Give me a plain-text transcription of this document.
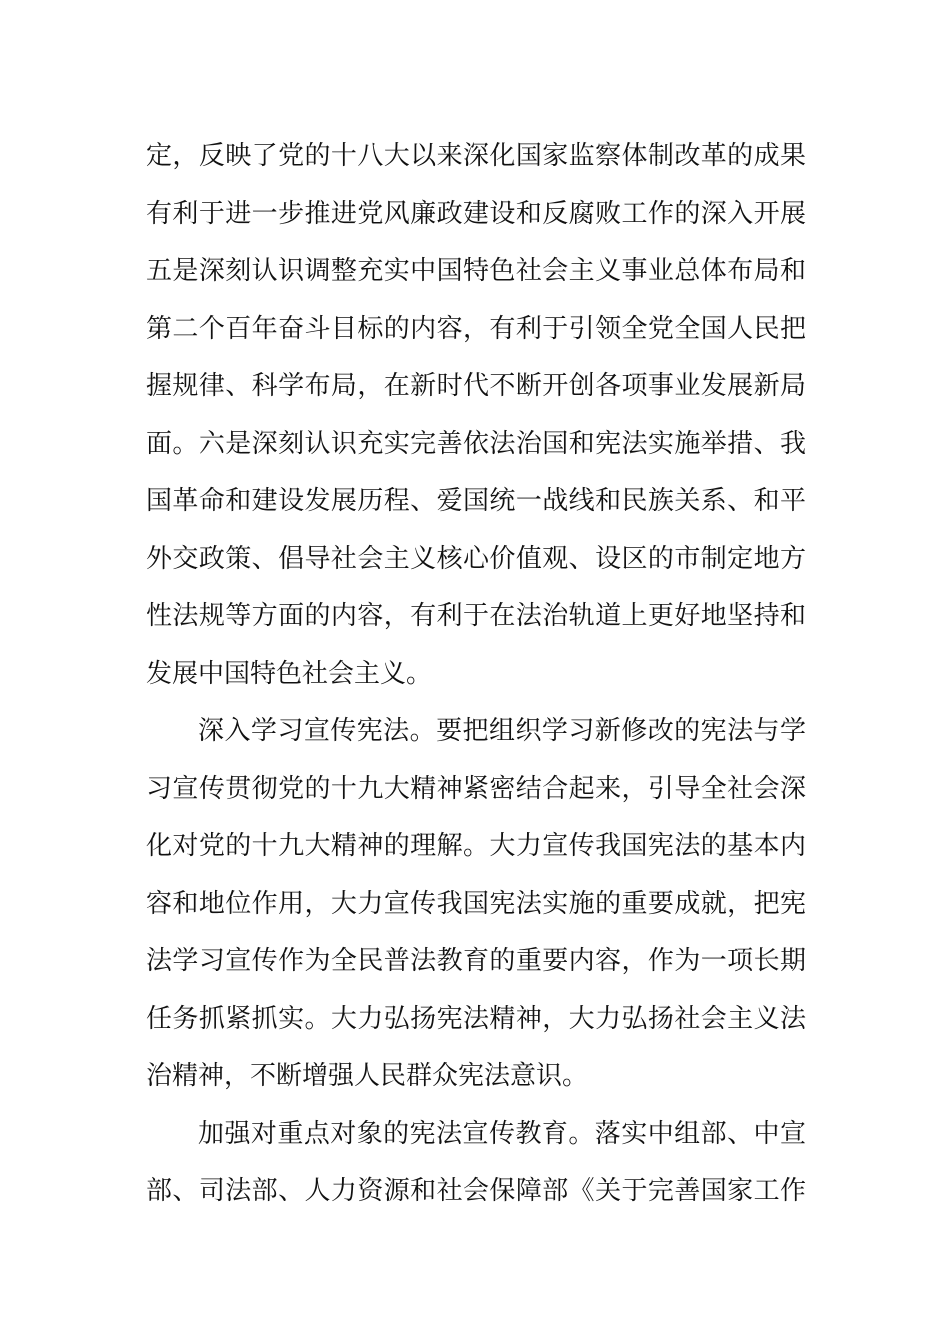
定，反映了党的十八大以来深化国家监察体制改革的成果
有利于进一步推进党风廉政建设和反腐败工作的深入开展
五是深刻认识调整充实中国特色社会主义事业总体布局和
第二个百年奋斗目标的内容，有利于引领全党全国人民把
握规律、科学布局，在新时代不断开创各项事业发展新局
面。六是深刻认识充实完善依法治国和宪法实施举措、我
国革命和建设发展历程、爱国统一战线和民族关系、和平
外交政策、倡导社会主义核心价值观、设区的市制定地方
性法规等方面的内容，有利于在法治轨道上更好地坚持和
发展中国特色社会主义。
深入学习宣传宪法。要把组织学习新修改的宪法与学
习宣传贯彻党的十九大精神紧密结合起来，引导全社会深
化对党的十九大精神的理解。大力宣传我国宪法的基本内
容和地位作用，大力宣传我国宪法实施的重要成就，把宪
法学习宣传作为全民普法教育的重要内容，作为一项长期
任务抓紧抓实。大力弘扬宪法精神，大力弘扬社会主义法
治精神，不断增强人民群众宪法意识。
加强对重点对象的宪法宣传教育。落实中组部、中宣
部、司法部、人力资源和社会保障部《关于完善国家工作
